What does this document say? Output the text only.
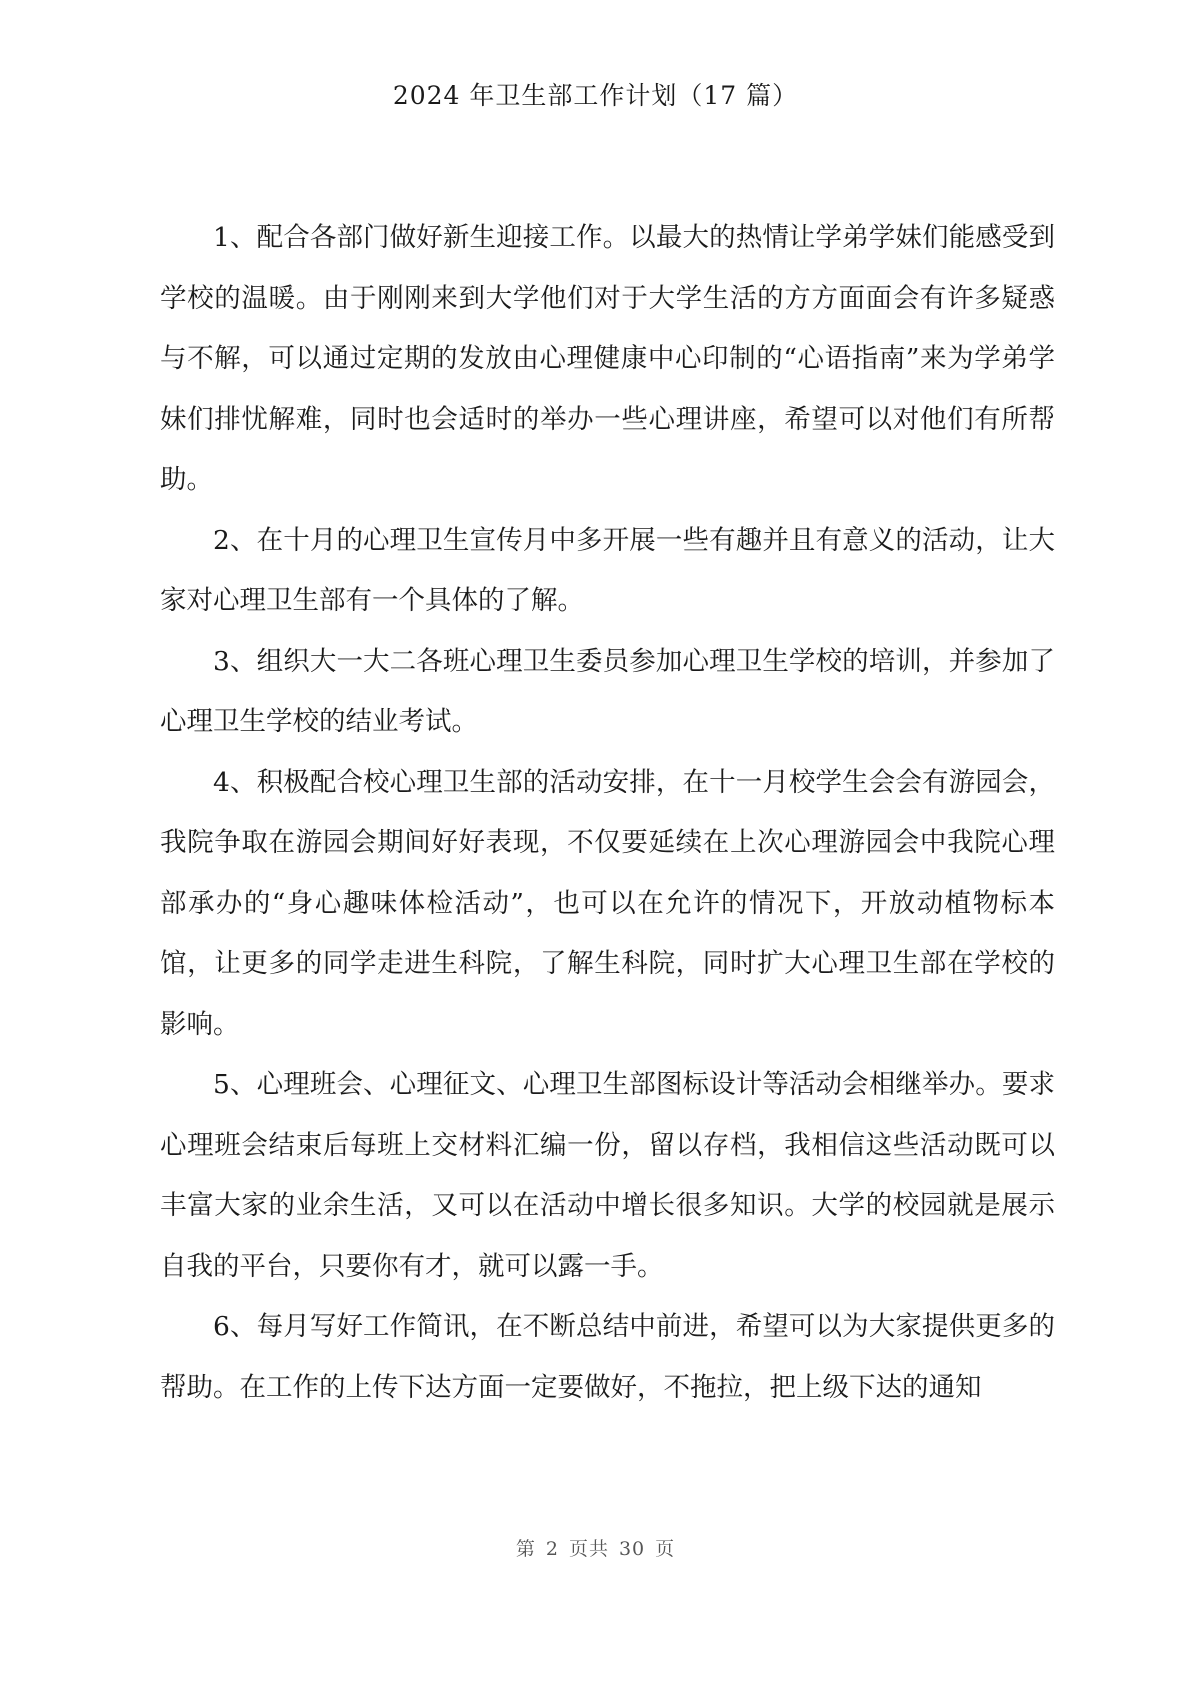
2024 年卫生部工作计划（17 篇）

1、配合各部门做好新生迎接工作。以最大的热情让学弟学妹们能感受到学校的温暖。由于刚刚来到大学他们对于大学生活的方方面面会有许多疑惑与不解，可以通过定期的发放由心理健康中心印制的“心语指南”来为学弟学妹们排忧解难，同时也会适时的举办一些心理讲座，希望可以对他们有所帮助。

2、在十月的心理卫生宣传月中多开展一些有趣并且有意义的活动，让大家对心理卫生部有一个具体的了解。

3、组织大一大二各班心理卫生委员参加心理卫生学校的培训，并参加了心理卫生学校的结业考试。

4、积极配合校心理卫生部的活动安排，在十一月校学生会会有游园会，我院争取在游园会期间好好表现，不仅要延续在上次心理游园会中我院心理部承办的“身心趣味体检活动”，也可以在允许的情况下，开放动植物标本馆，让更多的同学走进生科院，了解生科院，同时扩大心理卫生部在学校的影响。

5、心理班会、心理征文、心理卫生部图标设计等活动会相继举办。要求心理班会结束后每班上交材料汇编一份，留以存档，我相信这些活动既可以丰富大家的业余生活，又可以在活动中增长很多知识。大学的校园就是展示自我的平台，只要你有才，就可以露一手。

6、每月写好工作简讯，在不断总结中前进，希望可以为大家提供更多的帮助。在工作的上传下达方面一定要做好，不拖拉，把上级下达的通知

第 2 页共 30 页
